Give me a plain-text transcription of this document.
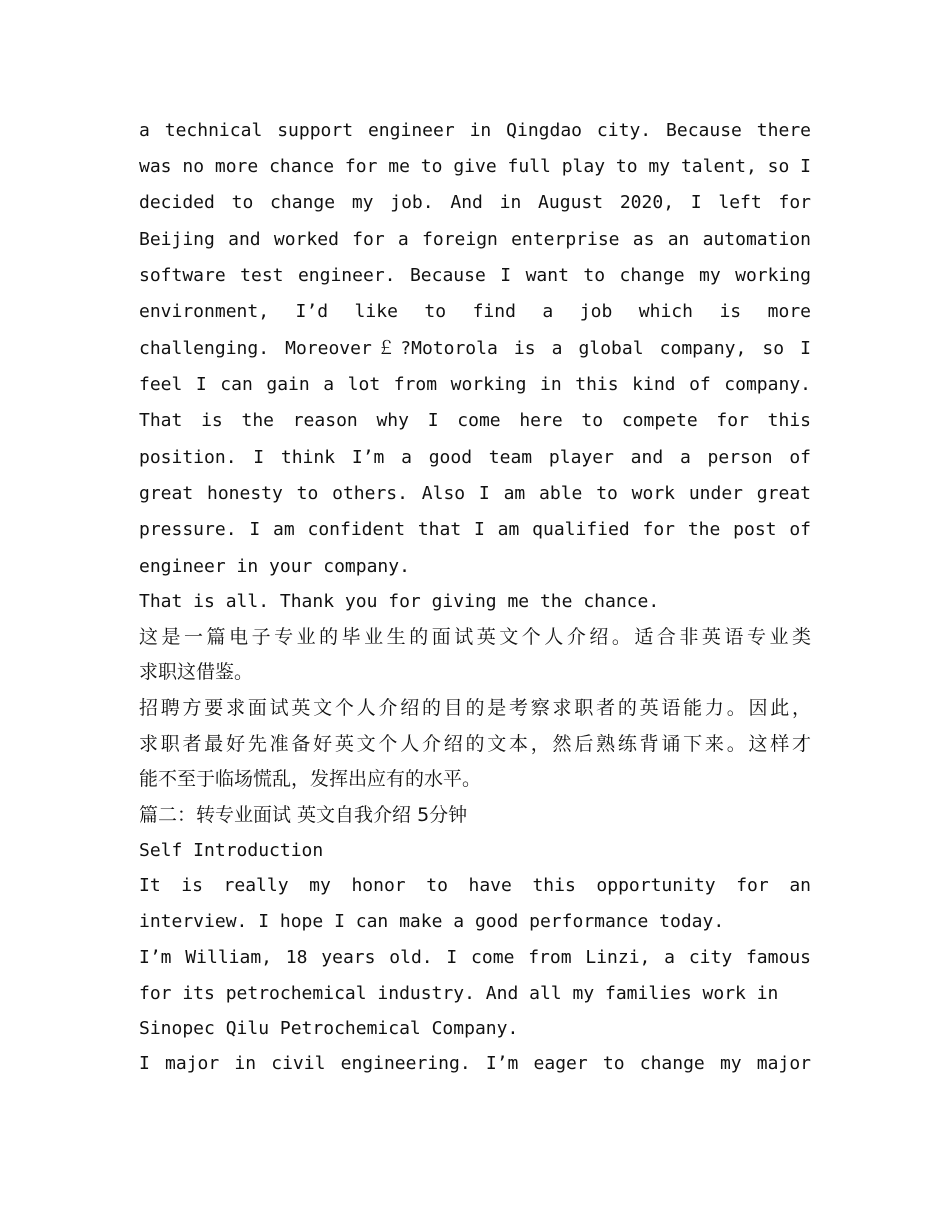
a technical support engineer in Qingdao city. Because there
was no more chance for me to give full play to my talent, so I
decided to change my job. And in August 2020, I left for
Beijing and worked for a foreign enterprise as an automation
software test engineer. Because I want to change my working
environment, I’d like to find a job which is more
challenging. Moreover￡?Motorola is a global company, so I
feel I can gain a lot from working in this kind of company.
That is the reason why I come here to compete for this
position. I think I’m a good team player and a person of
great honesty to others. Also I am able to work under great
pressure. I am confident that I am qualified for the post of
engineer in your company.
That is all. Thank you for giving me the chance.
这是一篇电子专业的毕业生的面试英文个人介绍。适合非英语专业类
求职这借鉴。
招聘方要求面试英文个人介绍的目的是考察求职者的英语能力。因此，
求职者最好先准备好英文个人介绍的文本，然后熟练背诵下来。这样才
能不至于临场慌乱，发挥出应有的水平。
篇二：转专业面试 英文自我介绍 5分钟
Self Introduction
It is really my honor to have this opportunity for an
interview. I hope I can make a good performance today.
I’m William, 18 years old. I come from Linzi, a city famous
for its petrochemical industry. And all my families work in
Sinopec Qilu Petrochemical Company.
I major in civil engineering. I’m eager to change my major
